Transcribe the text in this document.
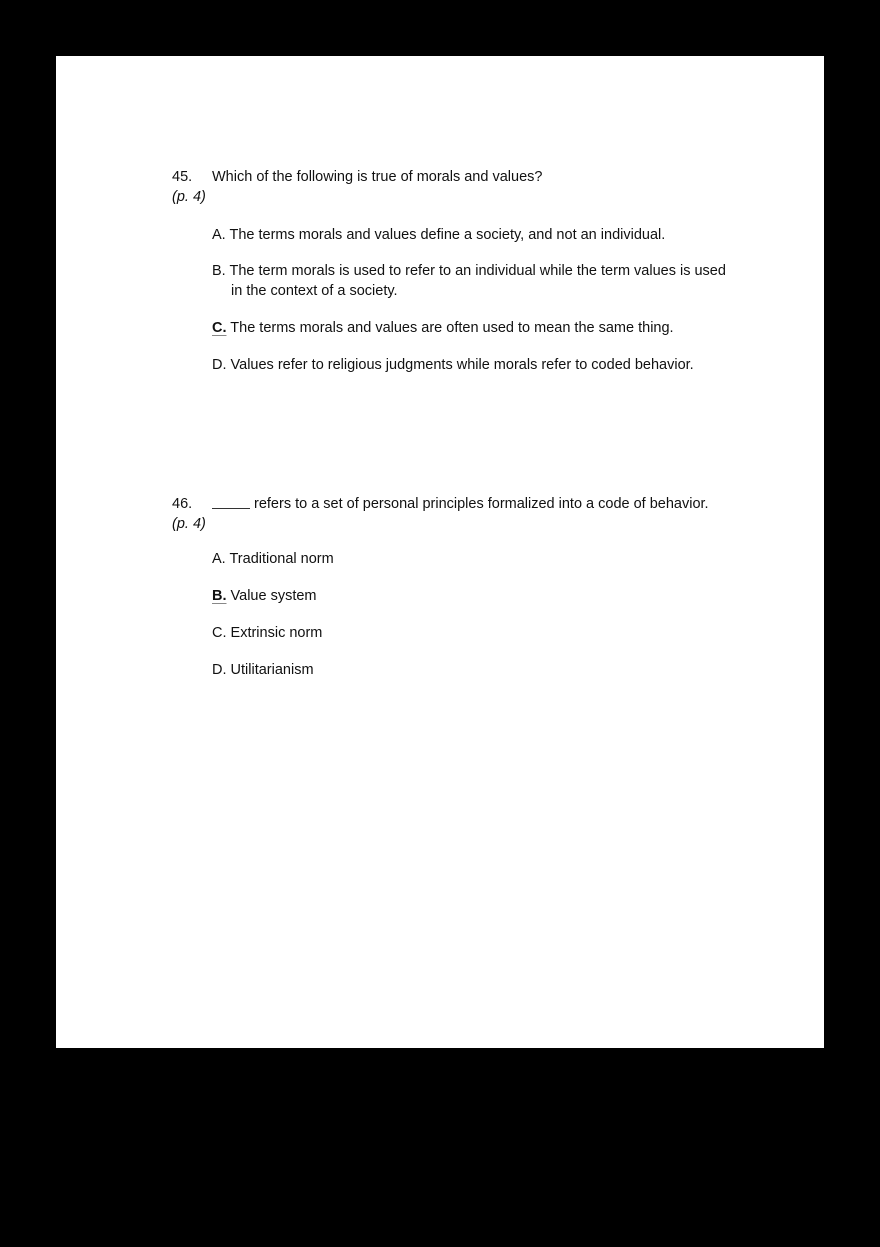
45. Which of the following is true of morals and values?
(p. 4)
A. The terms morals and values define a society, and not an individual.
B. The term morals is used to refer to an individual while the term values is used
in the context of a society.
C. The terms morals and values are often used to mean the same thing.
D. Values refer to religious judgments while morals refer to coded behavior.
46.	refers to a set of personal principles formalized into a code of behavior.
(p. 4)
A. Traditional norm
B. Value system
C. Extrinsic norm
D. Utilitarianism
